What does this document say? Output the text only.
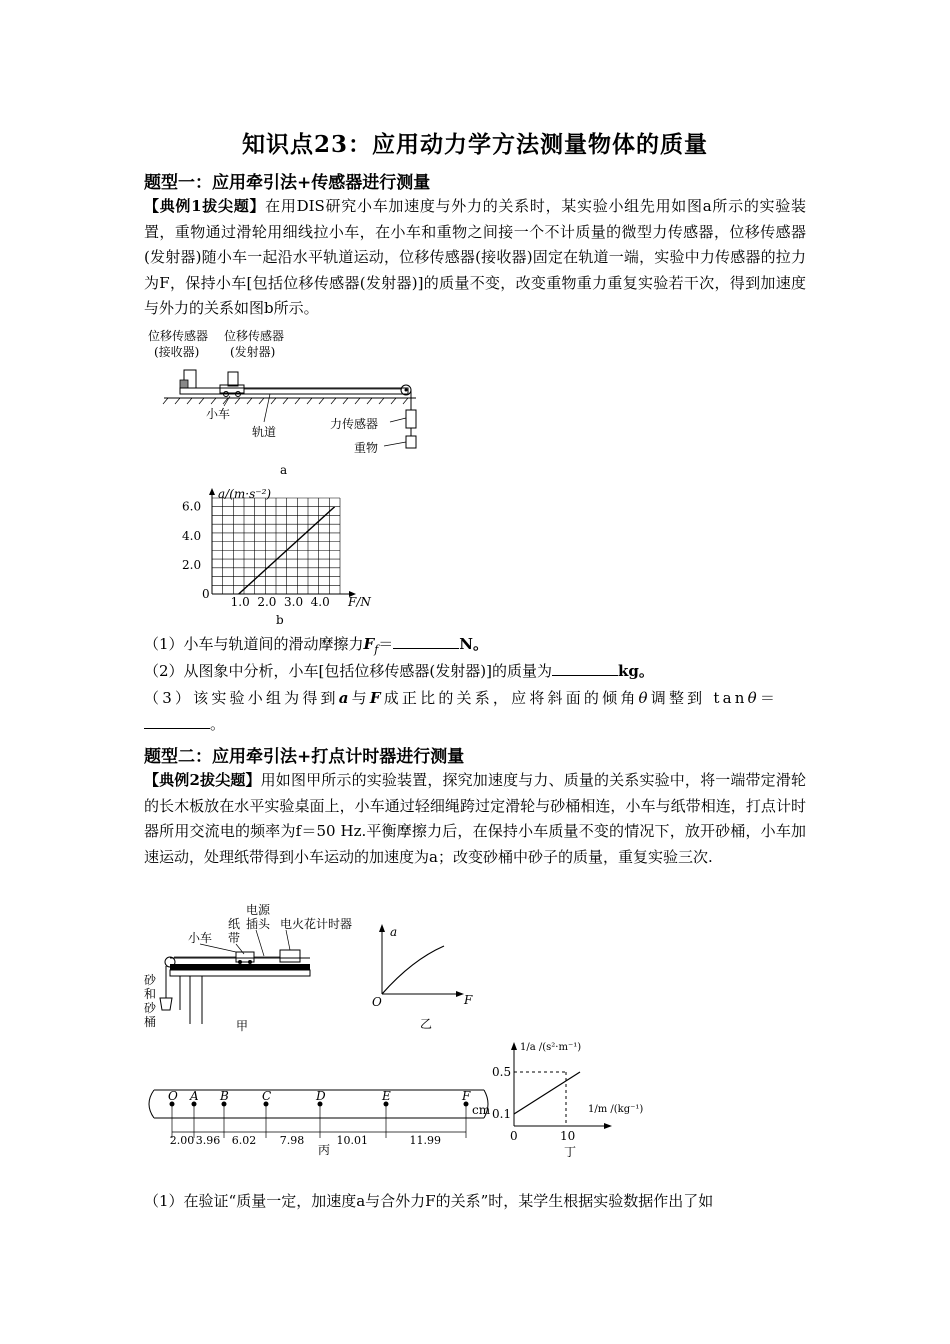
知识点23：应用动力学方法测量物体的质量
题型一：应用牵引法+传感器进行测量
【典例1拔尖题】在用DIS研究小车加速度与外力的关系时，某实验小组先用如图a所示的实验装置，重物通过滑轮用细线拉小车，在小车和重物之间接一个不计质量的微型力传感器，位移传感器(发射器)随小车一起沿水平轨道运动，位移传感器(接收器)固定在轨道一端，实验中力传感器的拉力为F，保持小车[包括位移传感器(发射器)]的质量不变，改变重物重力重复实验若干次，得到加速度与外力的关系如图b所示。
位移传感器
(接收器)
位移传感器
(发射器)
小车
轨道
力传感器
重物
a
a/(m·s⁻²)
F/N
0
1.0 2.0 3.0 4.0
2.0
4.0
6.0
b
（1）小车与轨道间的滑动摩擦力$F_f=$	N。
（2）从图象中分析，小车[包括位移传感器(发射器)]的质量为	kg。
（3）该实验小组为得到a与F成正比的关系，应将斜面的倾角θ调整到 tanθ＝
。
题型二：应用牵引法+打点计时器进行测量
【典例2拔尖题】用如图甲所示的实验装置，探究加速度与力、质量的关系实验中，将一端带定滑轮的长木板放在水平实验桌面上，小车通过轻细绳跨过定滑轮与砂桶相连，小车与纸带相连，打点计时器所用交流电的频率为f＝50 Hz.平衡摩擦力后，在保持小车质量不变的情况下，放开砂桶，小车加速运动，处理纸带得到小车运动的加速度为a；改变砂桶中砂子的质量，重复实验三次.
电源
插头
纸
带
小车
电火花计时器
砂
和
砂
桶	甲
a
F
O
乙
O A B	C	D	E	F
2.00 3.96 6.02 7.98	10.01	11.99
cm
丙
1/a /(s²·m⁻¹)
1/m /(kg⁻¹)
0.5
0.1
0	10
丁
（1）在验证“质量一定，加速度a与合外力F的关系”时，某学生根据实验数据作出了如
